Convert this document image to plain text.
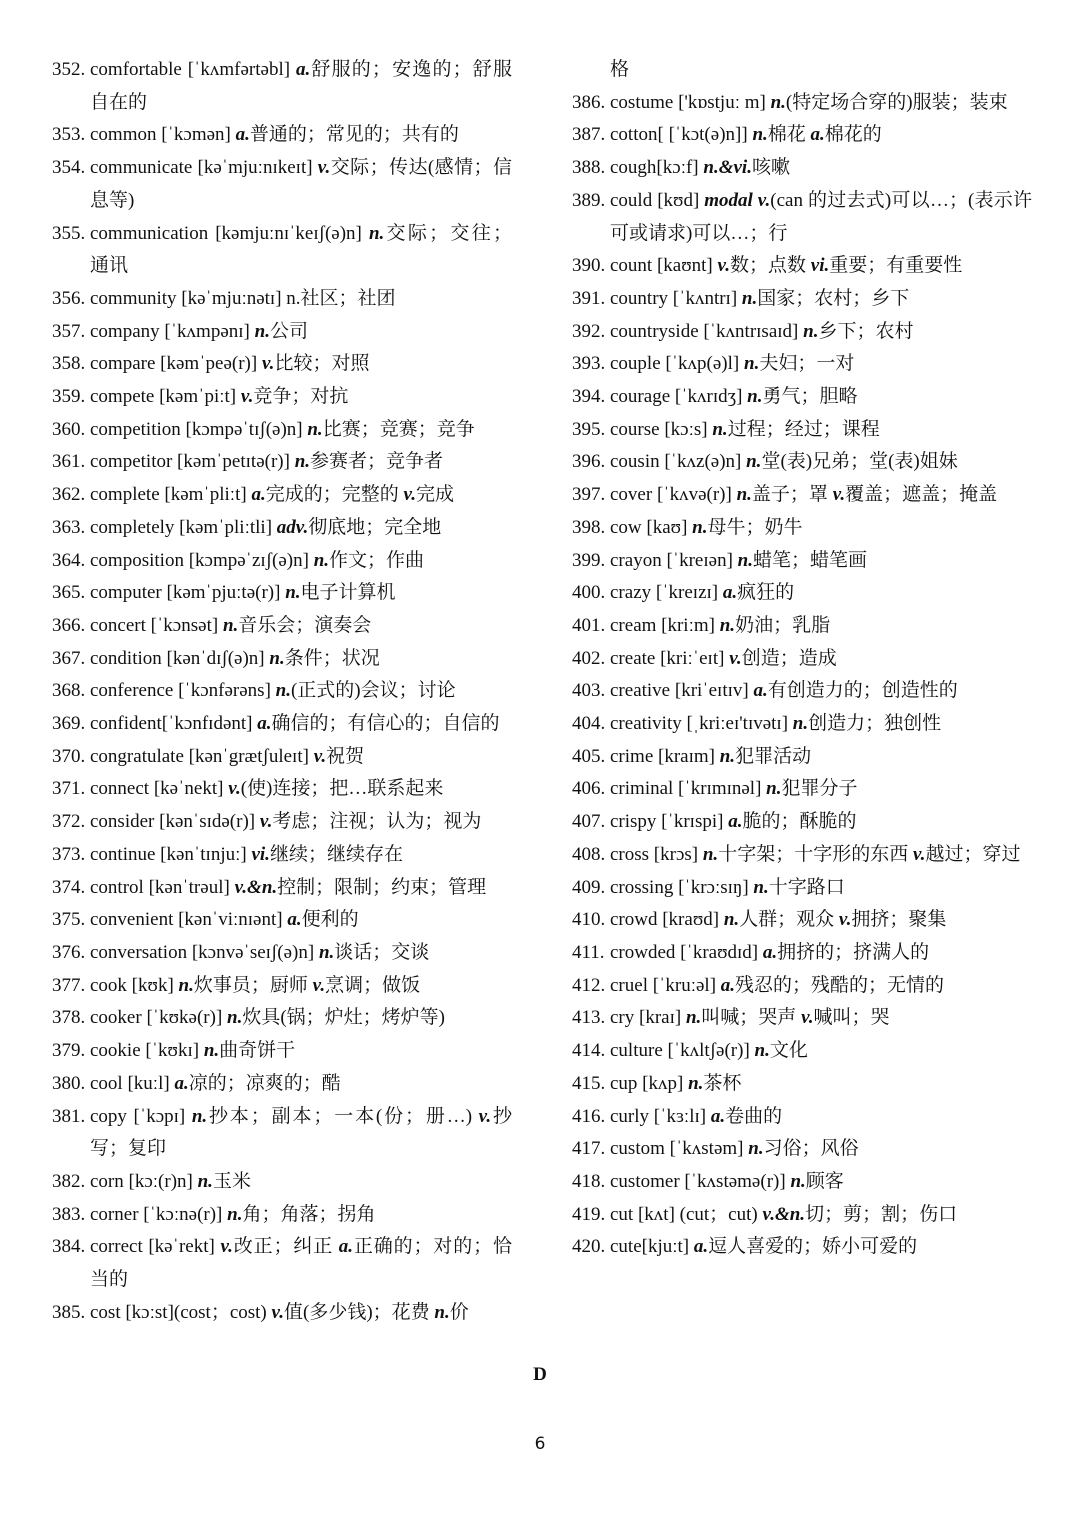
352. comfortable [ˈkʌmfərtəbl] a.舒服的；安逸的；舒服自在的
353. common [ˈkɔmən] a.普通的；常见的；共有的
354. communicate [kəˈmjuːnɪkeɪt] v.交际；传达(感情；信息等)
355. communication [kəmjuːnɪˈkeɪʃ(ə)n] n.交际；交往；通讯
356. community [kəˈmjuːnətɪ] n.社区；社团
357. company [ˈkʌmpənɪ] n.公司
358. compare [kəmˈpeə(r)] v.比较；对照
359. compete [kəmˈpiːt] v.竞争；对抗
360. competition [kɔmpəˈtɪʃ(ə)n] n.比赛；竞赛；竞争
361. competitor [kəmˈpetɪtə(r)] n.参赛者；竞争者
362. complete [kəmˈpliːt] a.完成的；完整的 v.完成
363. completely [kəmˈpliːtli] adv.彻底地；完全地
364. composition [kɔmpəˈzɪʃ(ə)n] n.作文；作曲
365. computer [kəmˈpjuːtə(r)] n.电子计算机
366. concert [ˈkɔnsət] n.音乐会；演奏会
367. condition [kənˈdɪʃ(ə)n] n.条件；状况
368. conference [ˈkɔnfərəns] n.(正式的)会议；讨论
369. confident[ˈkɔnfɪdənt] a.确信的；有信心的；自信的
370. congratulate [kənˈgrætʃuleɪt] v.祝贺
371. connect [kəˈnekt] v.(使)连接；把…联系起来
372. consider [kənˈsɪdə(r)] v.考虑；注视；认为；视为
373. continue [kənˈtɪnjuː] vi.继续；继续存在
374. control [kənˈtrəul] v.&n.控制；限制；约束；管理
375. convenient [kənˈviːnɪənt] a.便利的
376. conversation [kɔnvəˈseɪʃ(ə)n] n.谈话；交谈
377. cook [kʊk] n.炊事员；厨师 v.烹调；做饭
378. cooker [ˈkʊkə(r)] n.炊具(锅；炉灶；烤炉等)
379. cookie [ˈkʊkɪ] n.曲奇饼干
380. cool [kuːl] a.凉的；凉爽的；酷
381. copy [ˈkɔpɪ] n.抄本；副本；一本(份；册…) v.抄写；复印
382. corn [kɔː(r)n] n.玉米
383. corner [ˈkɔːnə(r)] n.角；角落；拐角
384. correct [kəˈrekt] v.改正；纠正 a.正确的；对的；恰当的
385. cost [kɔːst](cost；cost) v.值(多少钱)；花费 n.价
格
386. costume ['kɒstjuː m] n.(特定场合穿的)服装；装束
387. cotton[ [ˈkɔt(ə)n]] n.棉花 a.棉花的
388. cough[kɔːf] n.&vi.咳嗽
389. could [kʊd] modal v.(can 的过去式)可以…；(表示许可或请求)可以…；行
390. count [kaʊnt] v.数；点数 vi.重要；有重要性
391. country [ˈkʌntrɪ] n.国家；农村；乡下
392. countryside [ˈkʌntrɪsaɪd] n.乡下；农村
393. couple [ˈkʌp(ə)l] n.夫妇；一对
394. courage [ˈkʌrɪdʒ] n.勇气；胆略
395. course [kɔːs] n.过程；经过；课程
396. cousin [ˈkʌz(ə)n] n.堂(表)兄弟；堂(表)姐妹
397. cover [ˈkʌvə(r)] n.盖子；罩 v.覆盖；遮盖；掩盖
398. cow [kaʊ] n.母牛；奶牛
399. crayon [ˈkreɪən] n.蜡笔；蜡笔画
400. crazy [ˈkreɪzɪ] a.疯狂的
401. cream [kriːm] n.奶油；乳脂
402. create [kriːˈeɪt] v.创造；造成
403. creative [kriˈeɪtɪv] a.有创造力的；创造性的
404. creativity [ˌkriːeɪ'tɪvətɪ] n.创造力；独创性
405. crime [kraɪm] n.犯罪活动
406. criminal [ˈkrɪmɪnəl] n.犯罪分子
407. crispy [ˈkrɪspi] a.脆的；酥脆的
408. cross [krɔs] n.十字架；十字形的东西 v.越过；穿过
409. crossing [ˈkrɔːsɪŋ] n.十字路口
410. crowd [kraʊd] n.人群；观众 v.拥挤；聚集
411. crowded [ˈkraʊdɪd] a.拥挤的；挤满人的
412. cruel [ˈkruːəl] a.残忍的；残酷的；无情的
413. cry [kraɪ] n.叫喊；哭声 v.喊叫；哭
414. culture [ˈkʌltʃə(r)] n.文化
415. cup [kʌp] n.茶杯
416. curly [ˈkɜːlɪ] a.卷曲的
417. custom [ˈkʌstəm] n.习俗；风俗
418. customer [ˈkʌstəmə(r)] n.顾客
419. cut [kʌt] (cut；cut) v.&n.切；剪；割；伤口
420. cute[kjuːt] a.逗人喜爱的；娇小可爱的
D
6
